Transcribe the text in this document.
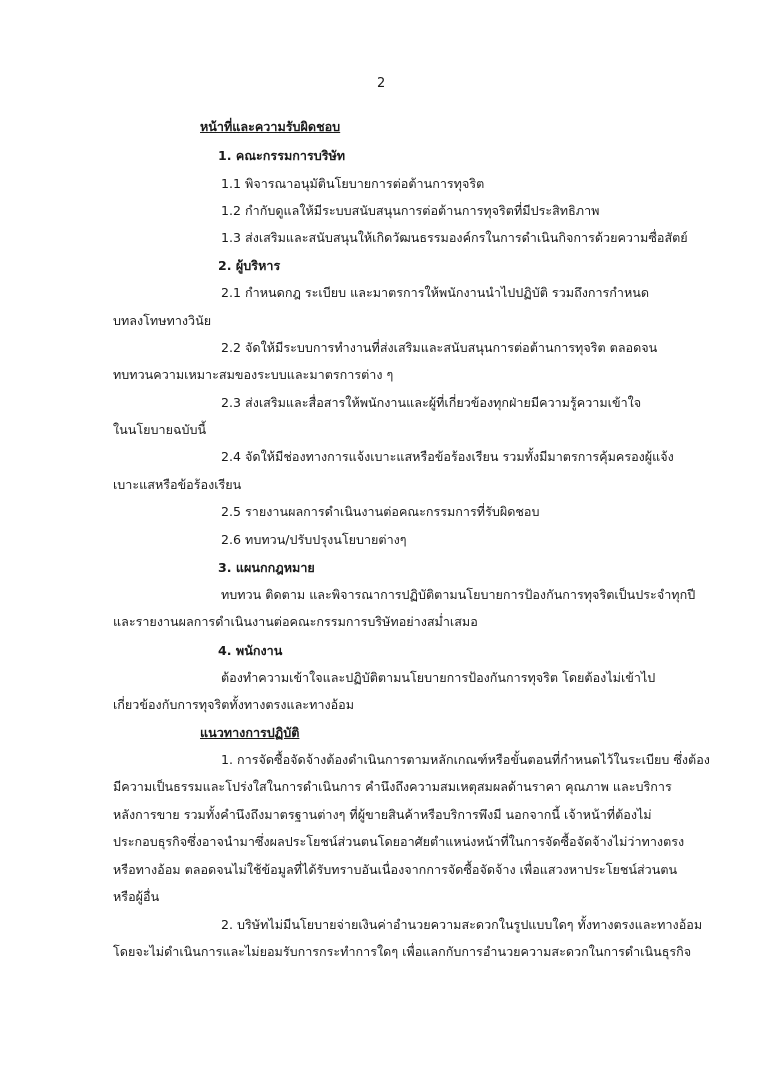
2
หน้าที่และความรับผิดชอบ
1. คณะกรรมการบริษัท
1.1 พิจารณาอนุมัตินโยบายการต่อต้านการทุจริต
1.2 กำกับดูแลให้มีระบบสนับสนุนการต่อต้านการทุจริตที่มีประสิทธิภาพ
1.3 ส่งเสริมและสนับสนุนให้เกิดวัฒนธรรมองค์กรในการดำเนินกิจการด้วยความซื่อสัตย์
2. ผู้บริหาร
2.1 กำหนดกฎ ระเบียบ และมาตรการให้พนักงานนำไปปฏิบัติ รวมถึงการกำหนด
บทลงโทษทางวินัย
2.2 จัดให้มีระบบการทำงานที่ส่งเสริมและสนับสนุนการต่อต้านการทุจริต ตลอดจน
ทบทวนความเหมาะสมของระบบและมาตรการต่าง ๆ
2.3 ส่งเสริมและสื่อสารให้พนักงานและผู้ที่เกี่ยวข้องทุกฝ่ายมีความรู้ความเข้าใจ
ในนโยบายฉบับนี้
2.4 จัดให้มีช่องทางการแจ้งเบาะแสหรือข้อร้องเรียน รวมทั้งมีมาตรการคุ้มครองผู้แจ้ง
เบาะแสหรือข้อร้องเรียน
2.5 รายงานผลการดำเนินงานต่อคณะกรรมการที่รับผิดชอบ
2.6 ทบทวน/ปรับปรุงนโยบายต่างๆ
3. แผนกกฎหมาย
ทบทวน ติดตาม และพิจารณาการปฏิบัติตามนโยบายการป้องกันการทุจริตเป็นประจำทุกปี
และรายงานผลการดำเนินงานต่อคณะกรรมการบริษัทอย่างสม่ำเสมอ
4. พนักงาน
ต้องทำความเข้าใจและปฏิบัติตามนโยบายการป้องกันการทุจริต โดยต้องไม่เข้าไป
เกี่ยวข้องกับการทุจริตทั้งทางตรงและทางอ้อม
แนวทางการปฏิบัติ
1. การจัดซื้อจัดจ้างต้องดำเนินการตามหลักเกณฑ์หรือขั้นตอนที่กำหนดไว้ในระเบียบ ซึ่งต้อง
มีความเป็นธรรมและโปร่งใสในการดำเนินการ คำนึงถึงความสมเหตุสมผลด้านราคา คุณภาพ และบริการ
หลังการขาย รวมทั้งคำนึงถึงมาตรฐานต่างๆ ที่ผู้ขายสินค้าหรือบริการพึงมี นอกจากนี้ เจ้าหน้าที่ต้องไม่
ประกอบธุรกิจซึ่งอาจนำมาซึ่งผลประโยชน์ส่วนตนโดยอาศัยตำแหน่งหน้าที่ในการจัดซื้อจัดจ้างไม่ว่าทางตรง
หรือทางอ้อม ตลอดจนไม่ใช้ข้อมูลที่ได้รับทราบอันเนื่องจากการจัดซื้อจัดจ้าง เพื่อแสวงหาประโยชน์ส่วนตน
หรือผู้อื่น
2. บริษัทไม่มีนโยบายจ่ายเงินค่าอำนวยความสะดวกในรูปแบบใดๆ ทั้งทางตรงและทางอ้อม
โดยจะไม่ดำเนินการและไม่ยอมรับการกระทำการใดๆ เพื่อแลกกับการอำนวยความสะดวกในการดำเนินธุรกิจ
